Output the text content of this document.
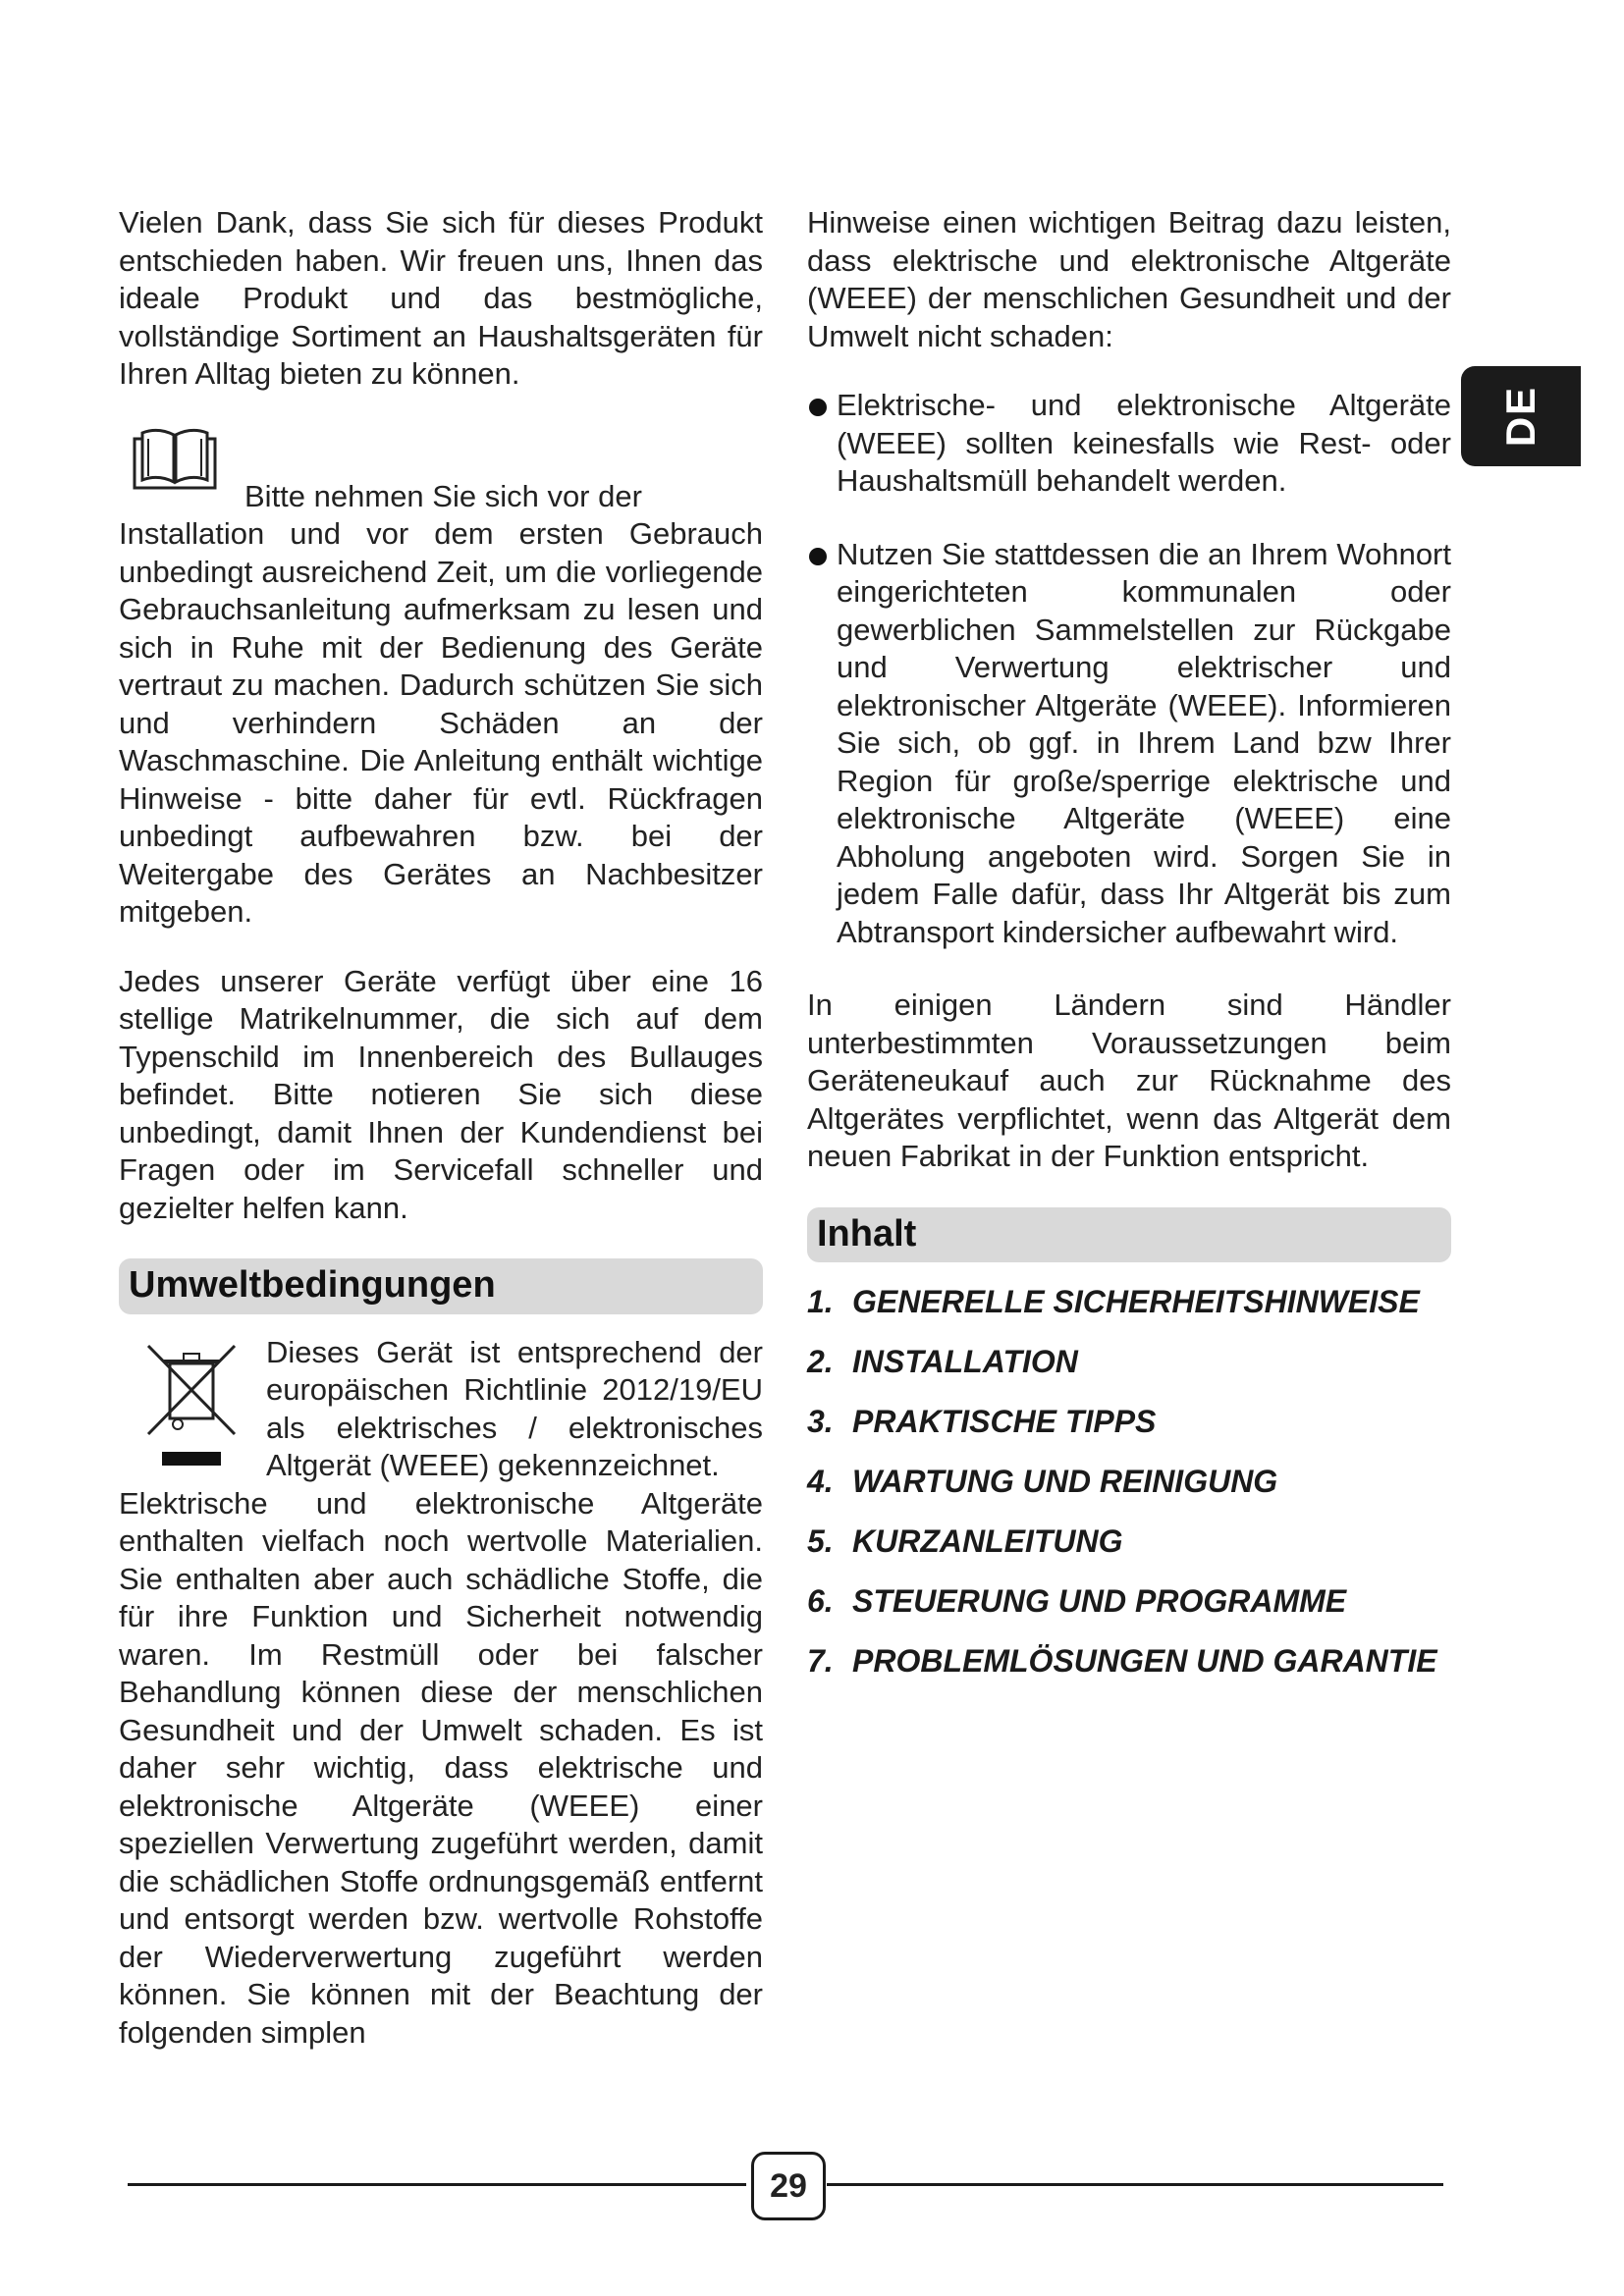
DE

Vielen Dank, dass Sie sich für dieses Produkt entschieden haben. Wir freuen uns, Ihnen das ideale Produkt und das bestmögliche, vollständige Sortiment an Haushaltsgeräten für Ihren Alltag bieten zu können.

Bitte nehmen Sie sich vor der

Installation und vor dem ersten Gebrauch unbedingt ausreichend Zeit, um die vorliegende Gebrauchsanleitung aufmerksam zu lesen und sich in Ruhe mit der Bedienung des Geräte vertraut zu machen. Dadurch schützen Sie sich und verhindern Schäden an der Waschmaschine. Die Anleitung enthält wichtige Hinweise - bitte daher für evtl. Rückfragen unbedingt aufbewahren bzw. bei der Weitergabe des Gerätes an Nachbesitzer mitgeben.

Jedes unserer Geräte verfügt über eine 16 stellige Matrikelnummer, die sich auf dem Typenschild im Innenbereich des Bullauges befindet. Bitte notieren Sie sich diese unbedingt, damit Ihnen der Kundendienst bei Fragen oder im Servicefall schneller und gezielter helfen kann.

Umweltbedingungen

Dieses Gerät ist entsprechend der europäischen Richtlinie 2012/19/EU als elektrisches / elektronisches Altgerät (WEEE) gekennzeichnet.

Elektrische und elektronische Altgeräte enthalten vielfach noch wertvolle Materialien. Sie enthalten aber auch schädliche Stoffe, die für ihre Funktion und Sicherheit notwendig waren. Im Restmüll oder bei falscher Behandlung können diese der menschlichen Gesundheit und der Umwelt schaden. Es ist daher sehr wichtig, dass elektrische und elektronische Altgeräte (WEEE) einer speziellen Verwertung zugeführt werden, damit die schädlichen Stoffe ordnungsgemäß entfernt und entsorgt werden bzw. wertvolle Rohstoffe der Wiederverwertung zugeführt werden können. Sie können mit der Beachtung der folgenden simplen

Hinweise einen wichtigen Beitrag dazu leisten, dass elektrische und elektronische Altgeräte (WEEE) der menschlichen Gesundheit und der Umwelt nicht schaden:

Elektrische- und elektronische Altgeräte (WEEE) sollten keinesfalls wie Rest- oder Haushaltsmüll behandelt werden.
Nutzen Sie stattdessen die an Ihrem Wohnort eingerichteten kommunalen oder gewerblichen Sammelstellen zur Rückgabe und Verwertung elektrischer und elektronischer Altgeräte (WEEE). Informieren Sie sich, ob ggf. in Ihrem Land bzw Ihrer Region für große/sperrige elektrische und elektronische Altgeräte (WEEE) eine Abholung angeboten wird. Sorgen Sie in jedem Falle dafür, dass Ihr Altgerät bis zum Abtransport kindersicher aufbewahrt wird.

In einigen Ländern sind Händler unterbestimmten Voraussetzungen beim Geräteneukauf auch zur Rücknahme des Altgerätes verpflichtet, wenn das Altgerät dem neuen Fabrikat in der Funktion entspricht.

Inhalt
1. GENERELLE SICHERHEITSHINWEISE
2. INSTALLATION
3. PRAKTISCHE TIPPS
4. WARTUNG UND REINIGUNG
5. KURZANLEITUNG
6. STEUERUNG UND PROGRAMME
7. PROBLEMLÖSUNGEN UND GARANTIE
29
